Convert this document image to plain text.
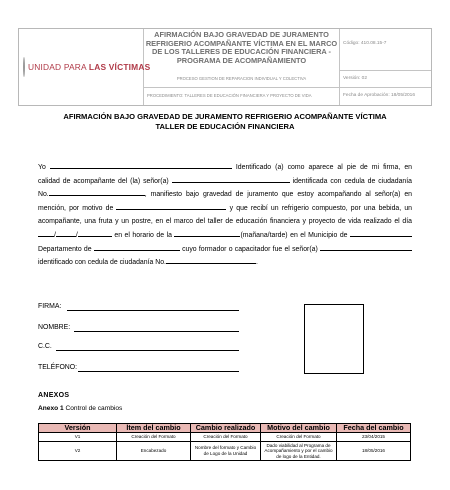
UNIDAD PARA LAS VÍCTIMAS
AFIRMACIÓN BAJO GRAVEDAD DE JURAMENTO REFRIGERIO ACOMPAÑANTE VÍCTIMA EN EL MARCO DE LOS TALLERES DE EDUCACIÓN FINANCIERA - PROGRAMA DE ACOMPAÑAMIENTO
Código: 410.08.15-7
PROCESO GESTION DE REPARACION INDIVIDUAL Y COLECTIVA	Versión: 02
PROCEDIMIENTO: TALLERES DE EDUCACIÓN FINANCIERA Y PROYECTO DE VIDA	Fecha de Aprobación: 18/05/2016
AFIRMACIÓN BAJO GRAVEDAD DE JURAMENTO REFRIGERIO ACOMPAÑANTE VÍCTIMA
TALLER DE EDUCACIÓN FINANCIERA
Yo	Identificado (a) como aparece al pie de mi firma, en calidad de acompañante del (la) señor(a)	identificada con cedula de ciudadanía No.	, manifiesto bajo gravedad de juramento que estoy acompañando al señor(a) en mención, por motivo de	y que recibí un refrigerio compuesto, por una bebida, un acompañante, una fruta y un postre, en el marco del taller de educación financiera y proyecto de vida realizado el día /	/	en el horario de la	(mañana/tarde) en el Municipio de  Departamento de	cuyo formador o capacitador fue el señor(a)  identificado con cedula de ciudadanía No.	.
FIRMA:
NOMBRE:
C.C.
TELÉFONO:
ANEXOS
Anexo 1 Control de cambios
Versión	Ítem del cambio	Cambio realizado	Motivo del cambio	Fecha del cambio
V1	Creación del Formato	Creación del Formato	Creación del Formato	23/04/2015
V2	Encabezado	Nombre del formato y Cambio de Logo de la Unidad	Dado viabilidad al Programa de Acompañamiento y por el cambio de logo de la Entidad.	18/05/2016
